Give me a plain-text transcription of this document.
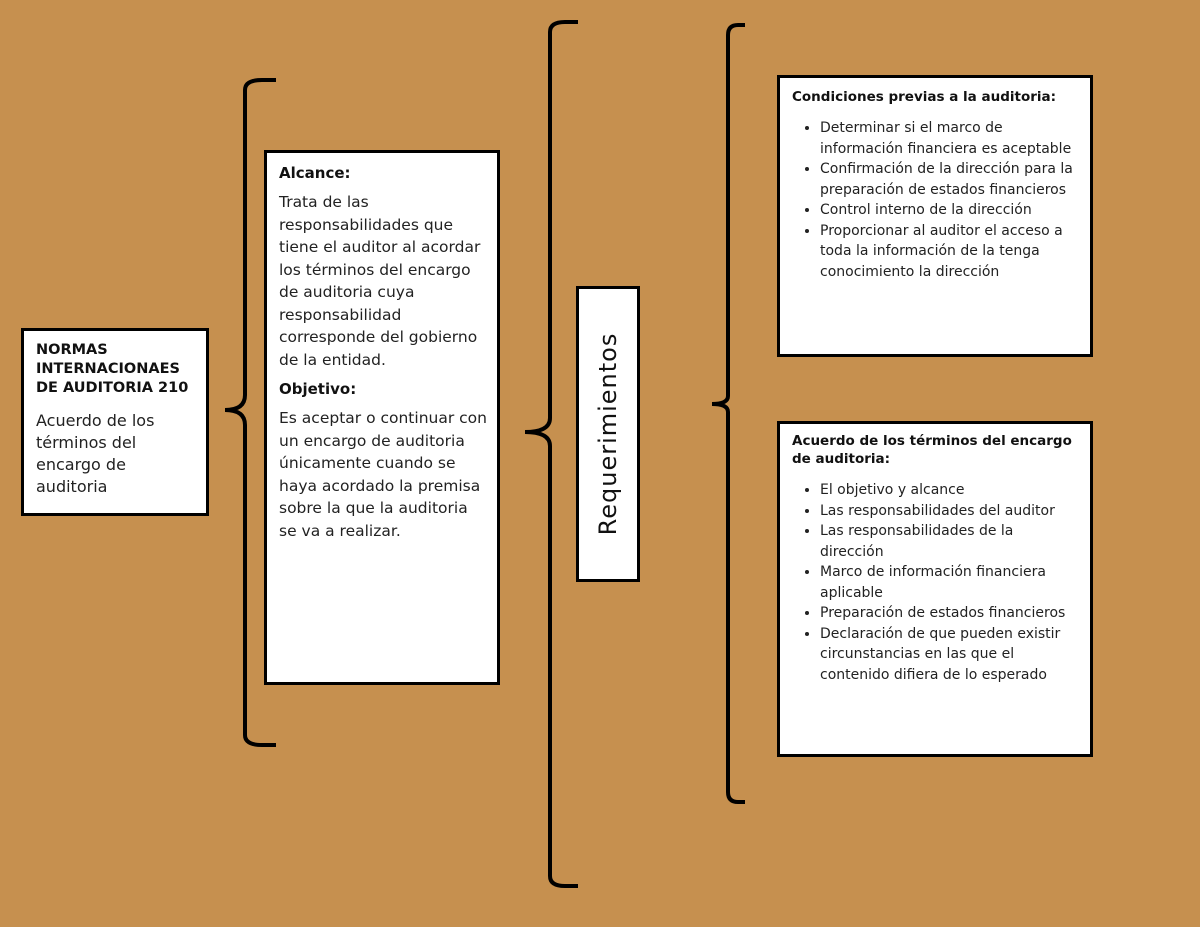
NORMAS INTERNACIONAES DE AUDITORIA 210
Acuerdo de los términos del encargo de auditoria
Alcance:
Trata de las responsabilidades que tiene el auditor al acordar los términos del encargo de auditoria cuya responsabilidad corresponde del gobierno de la entidad.
Objetivo:
Es aceptar o continuar con un encargo de auditoria únicamente cuando se haya acordado la premisa sobre la que la auditoria se va a realizar.	Requerimientos
Condiciones previas a la auditoria:
• Determinar si el marco de información financiera es aceptable
• Confirmación de la dirección para la preparación de estados financieros
• Control interno de la dirección
• Proporcionar al auditor el acceso a toda la información de la tenga conocimiento la dirección
Acuerdo de los términos del encargo de auditoria:
• El objetivo y alcance
• Las responsabilidades del auditor
• Las responsabilidades de la dirección
• Marco de información financiera aplicable
• Preparación de estados financieros
• Declaración de que pueden existir circunstancias en las que el contenido difiera de lo esperado
